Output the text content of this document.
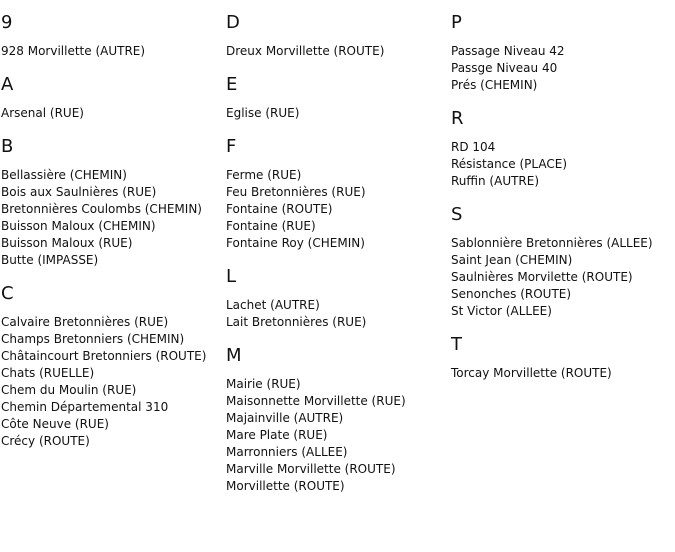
9
928 Morvillette (AUTRE)
A
Arsenal (RUE)
B
Bellassière (CHEMIN)
Bois aux Saulnières (RUE)
Bretonnières Coulombs (CHEMIN)
Buisson Maloux (CHEMIN)
Buisson Maloux (RUE)
Butte (IMPASSE)
C
Calvaire Bretonnières (RUE)
Champs Bretonniers (CHEMIN)
Châtaincourt Bretonniers (ROUTE)
Chats (RUELLE)
Chem du Moulin (RUE)
Chemin Départemental 310
Côte Neuve (RUE)
Crécy (ROUTE)
D
Dreux Morvillette (ROUTE)
E
Eglise (RUE)
F
Ferme (RUE)
Feu Bretonnières (RUE)
Fontaine (ROUTE)
Fontaine (RUE)
Fontaine Roy (CHEMIN)
L
Lachet (AUTRE)
Lait Bretonnières (RUE)
M
Mairie (RUE)
Maisonnette Morvillette (RUE)
Majainville (AUTRE)
Mare Plate (RUE)
Marronniers (ALLEE)
Marville Morvillette (ROUTE)
Morvillette (ROUTE)
P
Passage Niveau 42
Passge Niveau 40
Prés (CHEMIN)
R
RD 104
Résistance (PLACE)
Ruffin (AUTRE)
S
Sablonnière Bretonnières (ALLEE)
Saint Jean (CHEMIN)
Saulnières Morvilette (ROUTE)
Senonches (ROUTE)
St Victor (ALLEE)
T
Torcay Morvillette (ROUTE)
